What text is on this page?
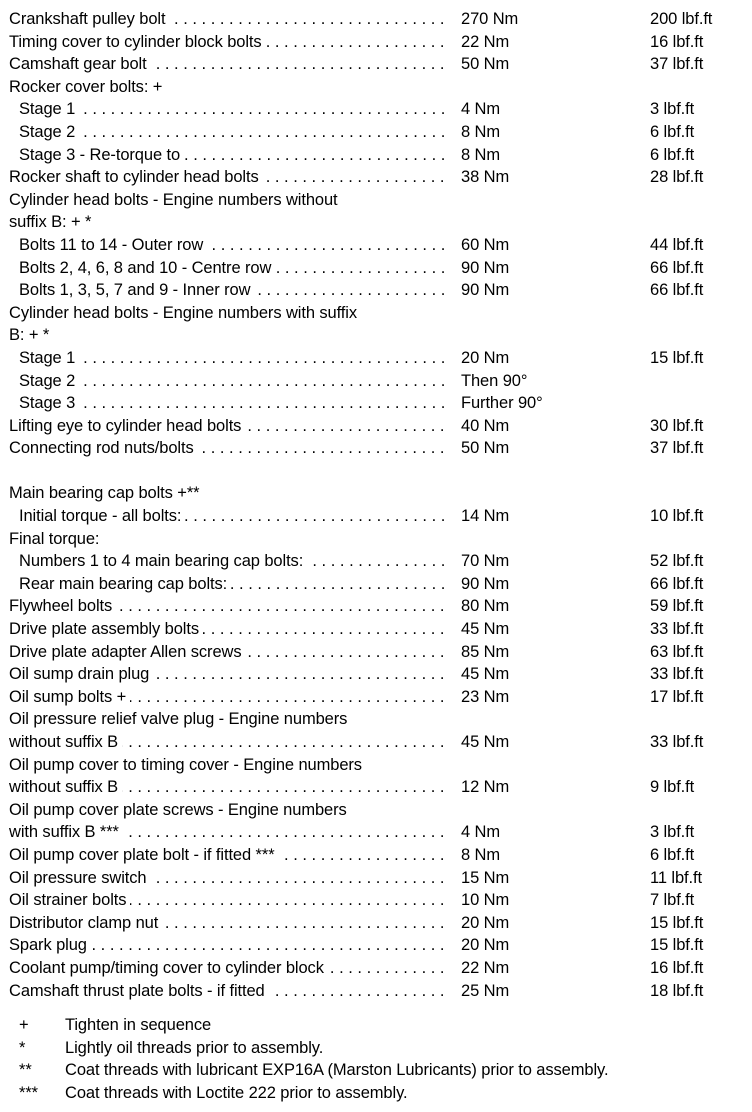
Crankshaft pulley bolt . . .	270 Nm	200 lbf.ft
Timing cover to cylinder block bolts . . .	22 Nm	16 lbf.ft
Camshaft gear bolt . . .	50 Nm	37 lbf.ft
Rocker cover bolts: +
Stage 1 . . .	4 Nm	3 lbf.ft
Stage 2 . . .	8 Nm	6 lbf.ft
Stage 3 - Re-torque to . . .	8 Nm	6 lbf.ft
Rocker shaft to cylinder head bolts . . .	38 Nm	28 lbf.ft
Cylinder head bolts - Engine numbers without
suffix B: + *
Bolts 11 to 14 - Outer row . . .	60 Nm	44 lbf.ft
Bolts 2, 4, 6, 8 and 10 - Centre row . . .	90 Nm	66 lbf.ft
Bolts 1, 3, 5, 7 and 9 - Inner row . . .	90 Nm	66 lbf.ft
Cylinder head bolts - Engine numbers with suffix
B: + *
Stage 1 . . .	20 Nm	15 lbf.ft
Stage 2 . . .	Then 90°
Stage 3 . . .	Further 90°
Lifting eye to cylinder head bolts . . .	40 Nm	30 lbf.ft
Connecting rod nuts/bolts . . .	50 Nm	37 lbf.ft
Main bearing cap bolts +**
Initial torque - all bolts: . . .	14 Nm	10 lbf.ft
Final torque:
Numbers 1 to 4 main bearing cap bolts: . . .	70 Nm	52 lbf.ft
Rear main bearing cap bolts: . . .	90 Nm	66 lbf.ft
Flywheel bolts . . .	80 Nm	59 lbf.ft
Drive plate assembly bolts . . .	45 Nm	33 lbf.ft
Drive plate adapter Allen screws . . .	85 Nm	63 lbf.ft
Oil sump drain plug . . .	45 Nm	33 lbf.ft
Oil sump bolts + . . .	23 Nm	17 lbf.ft
Oil pressure relief valve plug - Engine numbers
without suffix B . . .	45 Nm	33 lbf.ft
Oil pump cover to timing cover - Engine numbers
without suffix B . . .	12 Nm	9 lbf.ft
Oil pump cover plate screws - Engine numbers
with suffix B *** . . .	4 Nm	3 lbf.ft
Oil pump cover plate bolt - if fitted *** . . .	8 Nm	6 lbf.ft
Oil pressure switch . . .	15 Nm	11 lbf.ft
Oil strainer bolts . . .	10 Nm	7 lbf.ft
Distributor clamp nut . . .	20 Nm	15 lbf.ft
Spark plug . . .	20 Nm	15 lbf.ft
Coolant pump/timing cover to cylinder block . . .	22 Nm	16 lbf.ft
Camshaft thrust plate bolts - if fitted . . .	25 Nm	18 lbf.ft
+ Tighten in sequence
* Lightly oil threads prior to assembly.
** Coat threads with lubricant EXP16A (Marston Lubricants) prior to assembly.
*** Coat threads with Loctite 222 prior to assembly.
